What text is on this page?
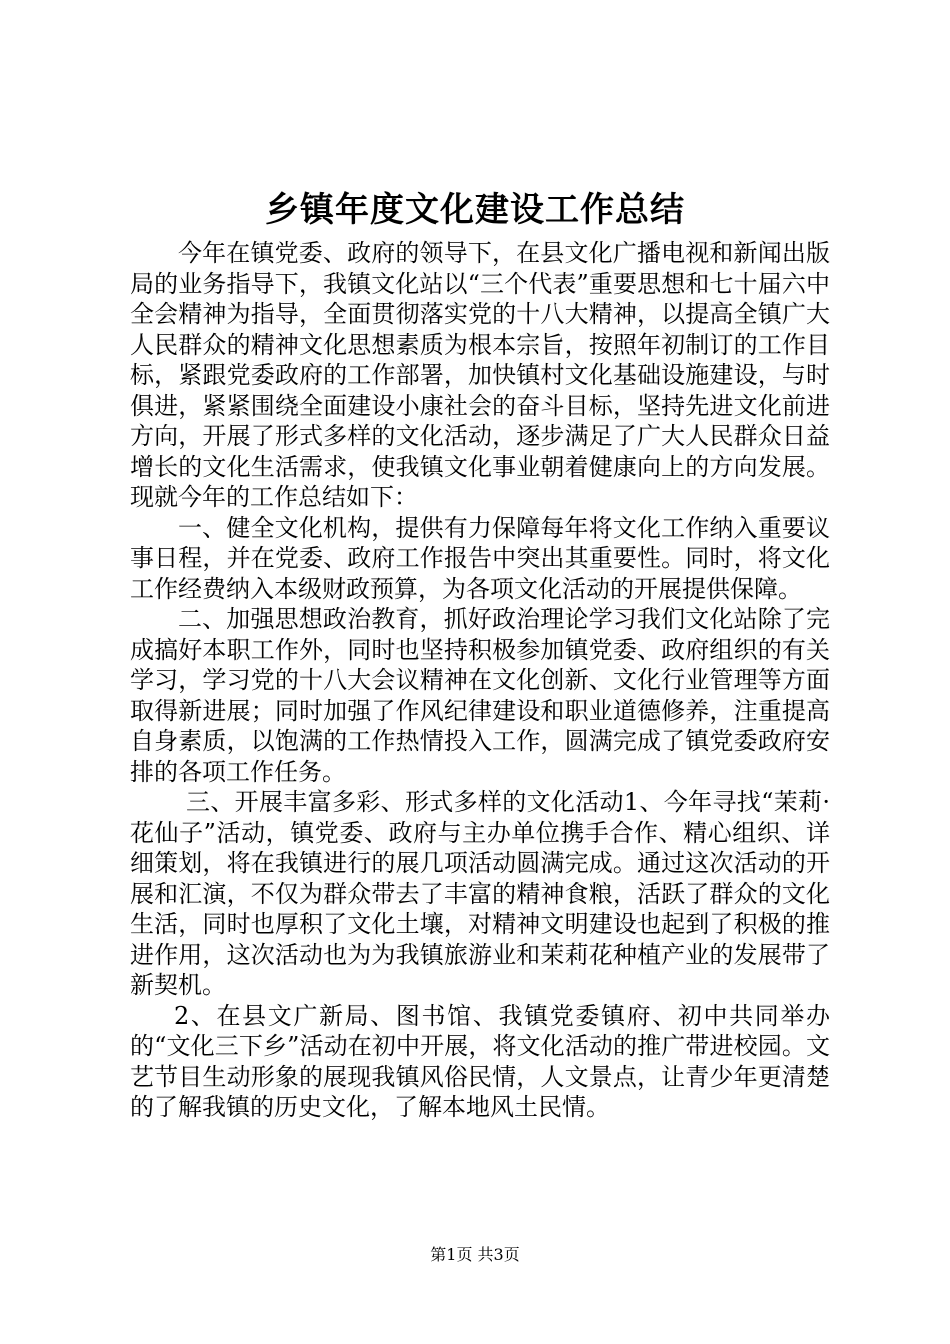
乡镇年度文化建设工作总结

今年在镇党委、政府的领导下，在县文化广播电视和新闻出版局的业务指导下，我镇文化站以“三个代表”重要思想和七十届六中全会精神为指导，全面贯彻落实党的十八大精神，以提高全镇广大人民群众的精神文化思想素质为根本宗旨，按照年初制订的工作目标，紧跟党委政府的工作部署，加快镇村文化基础设施建设，与时俱进，紧紧围绕全面建设小康社会的奋斗目标，坚持先进文化前进方向，开展了形式多样的文化活动，逐步满足了广大人民群众日益增长的文化生活需求，使我镇文化事业朝着健康向上的方向发展。现就今年的工作总结如下：

一、健全文化机构，提供有力保障每年将文化工作纳入重要议事日程，并在党委、政府工作报告中突出其重要性。同时，将文化工作经费纳入本级财政预算，为各项文化活动的开展提供保障。

二、加强思想政治教育，抓好政治理论学习我们文化站除了完成搞好本职工作外，同时也坚持积极参加镇党委、政府组织的有关学习，学习党的十八大会议精神在文化创新、文化行业管理等方面取得新进展；同时加强了作风纪律建设和职业道德修养，注重提高自身素质，以饱满的工作热情投入工作，圆满完成了镇党委政府安排的各项工作任务。

三、开展丰富多彩、形式多样的文化活动1、今年寻找“茉莉·花仙子”活动，镇党委、政府与主办单位携手合作、精心组织、详细策划，将在我镇进行的展几项活动圆满完成。通过这次活动的开展和汇演，不仅为群众带去了丰富的精神食粮，活跃了群众的文化生活，同时也厚积了文化土壤，对精神文明建设也起到了积极的推进作用，这次活动也为为我镇旅游业和茉莉花种植产业的发展带了新契机。

2、在县文广新局、图书馆、我镇党委镇府、初中共同举办的“文化三下乡”活动在初中开展，将文化活动的推广带进校园。文艺节目生动形象的展现我镇风俗民情，人文景点，让青少年更清楚的了解我镇的历史文化，了解本地风土民情。

第1页 共3页
